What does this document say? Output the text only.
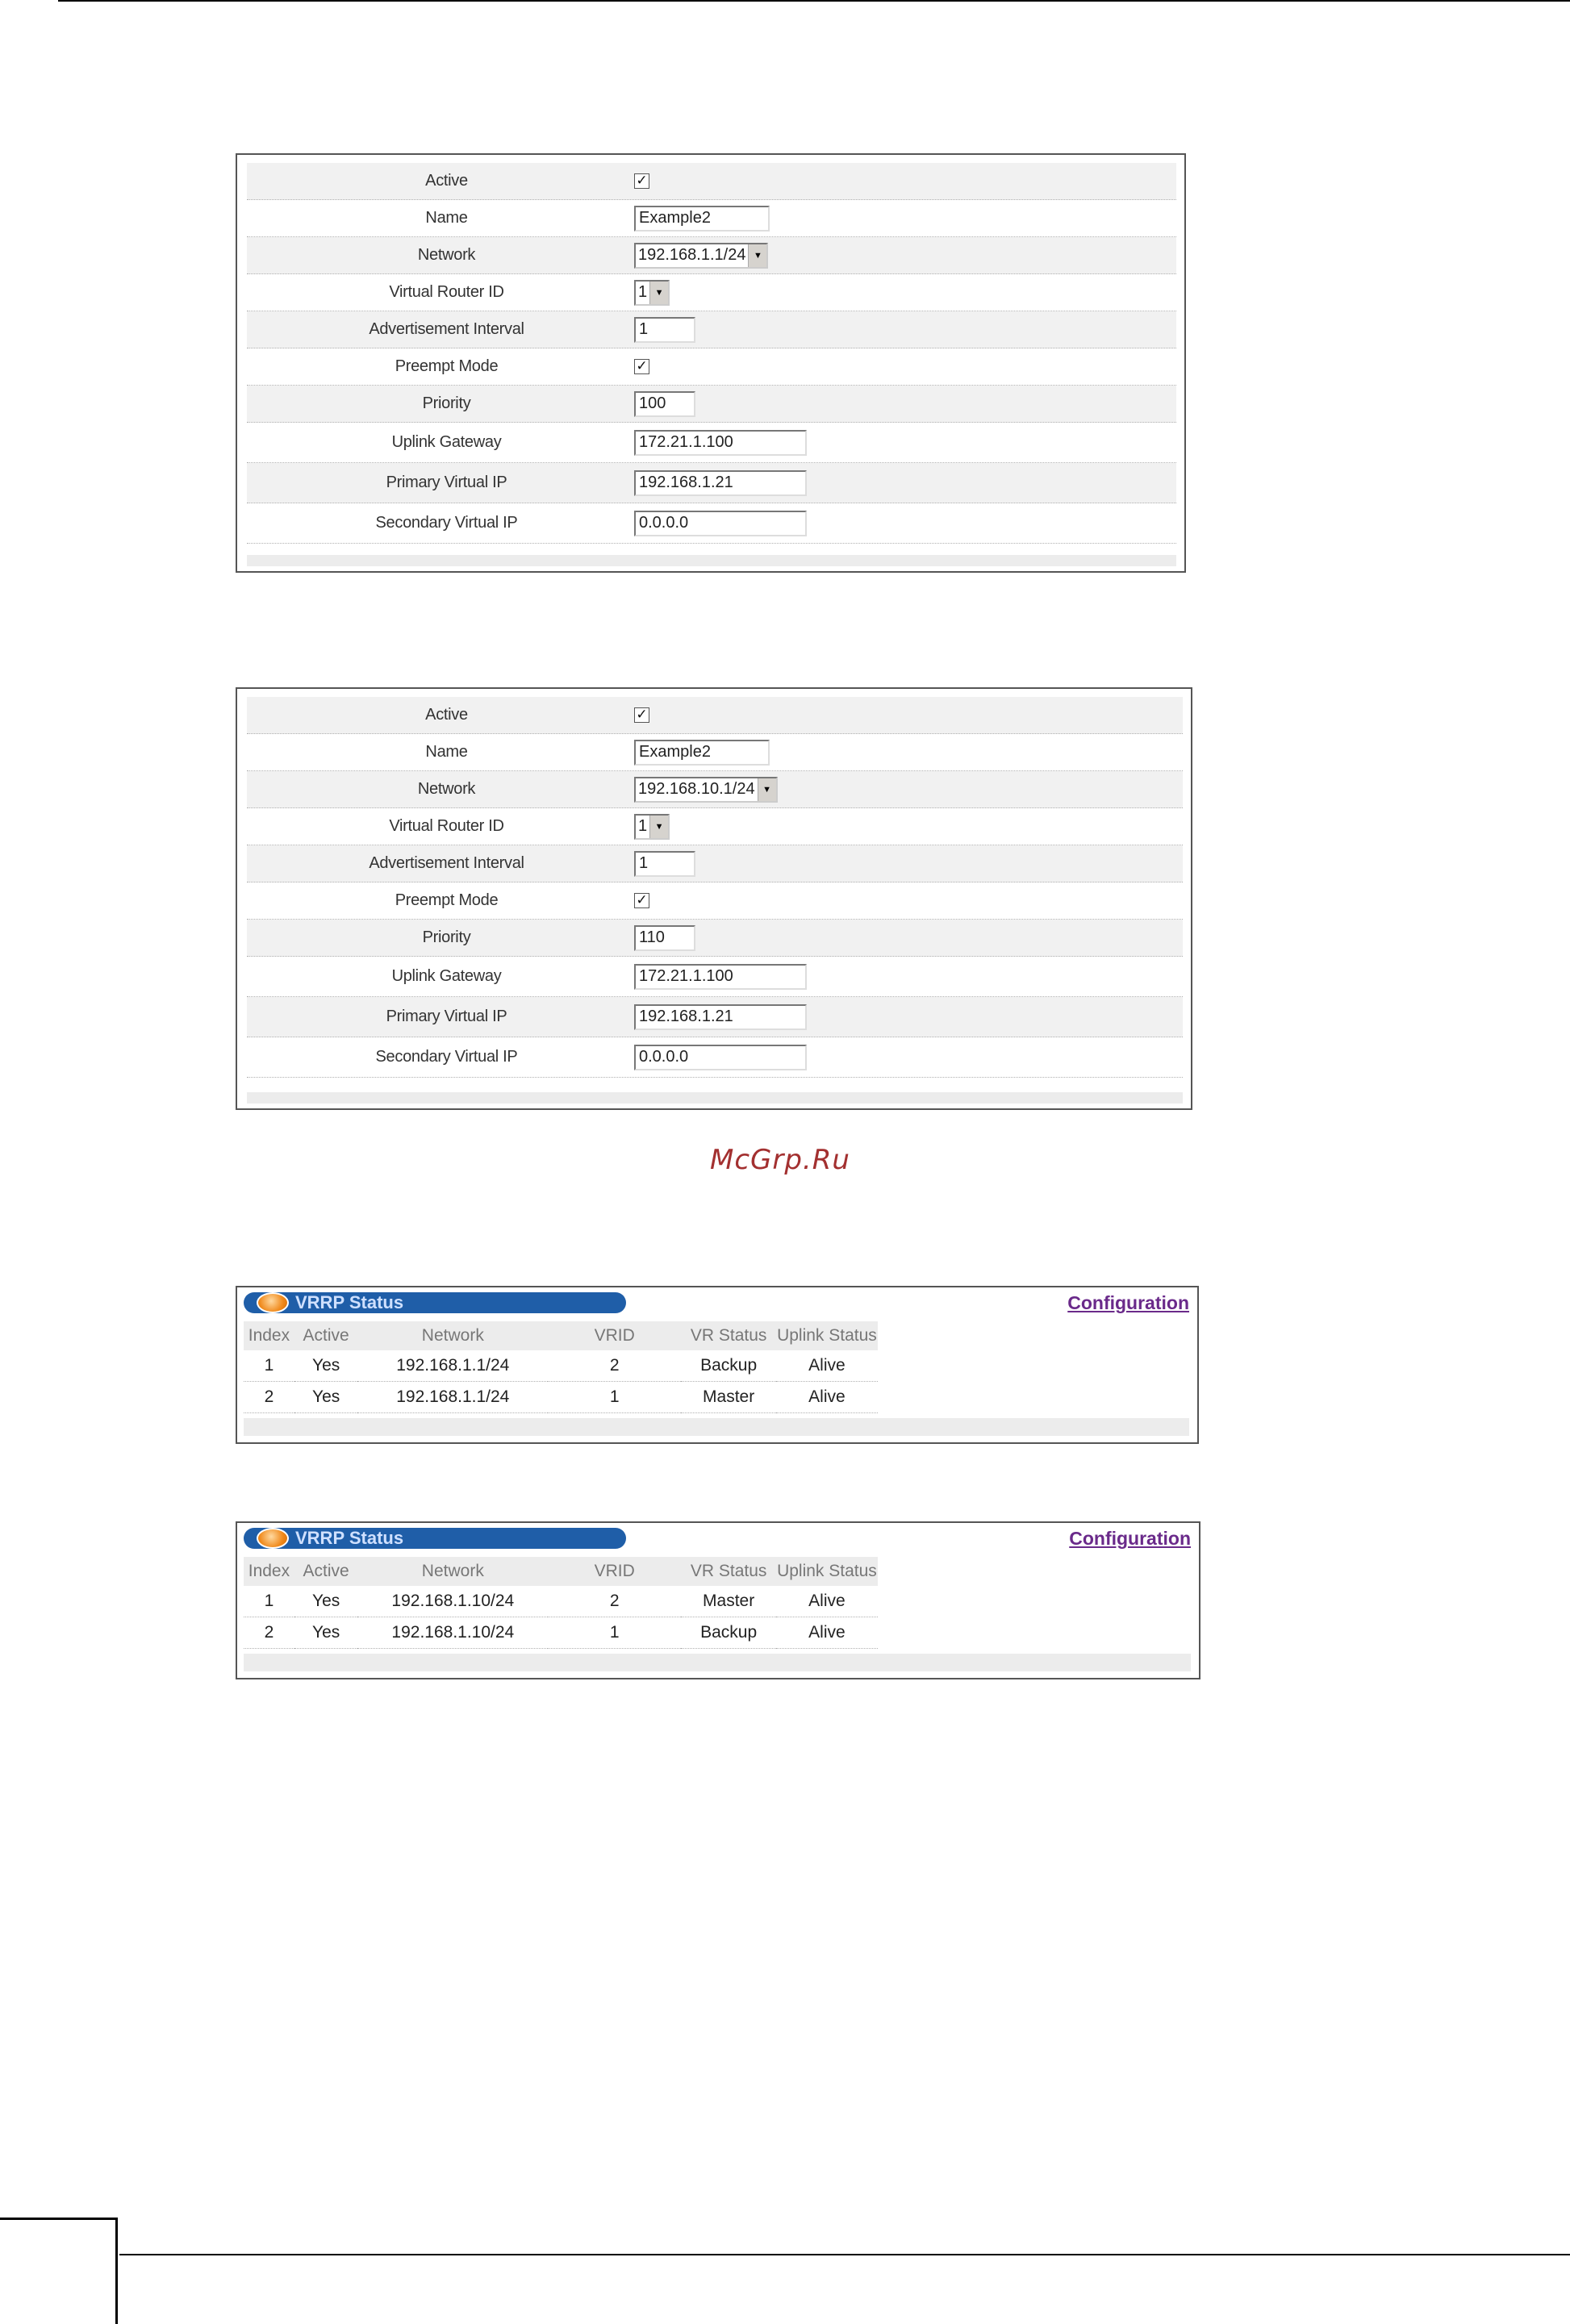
Active	✓
Name	Example2
Network	192.168.1.1/24 ▼
Virtual Router ID	1 ▼
Advertisement Interval	1
Preempt Mode	✓
Priority	100
Uplink Gateway	172.21.1.100
Primary Virtual IP	192.168.1.21
Secondary Virtual IP	0.0.0.0
Active	✓
Name	Example2
Network	192.168.10.1/24 ▼
Virtual Router ID	1 ▼
Advertisement Interval	1
Preempt Mode	✓
Priority	110
Uplink Gateway	172.21.1.100
Primary Virtual IP	192.168.1.21
Secondary Virtual IP	0.0.0.0
McGrp.Ru
VRRP Status	Configuration
Index	Active	Network	VRID	VR Status	Uplink Status
1	Yes	192.168.1.1/24	2	Backup	Alive
2	Yes	192.168.1.1/24	1	Master	Alive
VRRP Status	Configuration
Index	Active	Network	VRID	VR Status	Uplink Status
1	Yes	192.168.1.10/24	2	Master	Alive
2	Yes	192.168.1.10/24	1	Backup	Alive
